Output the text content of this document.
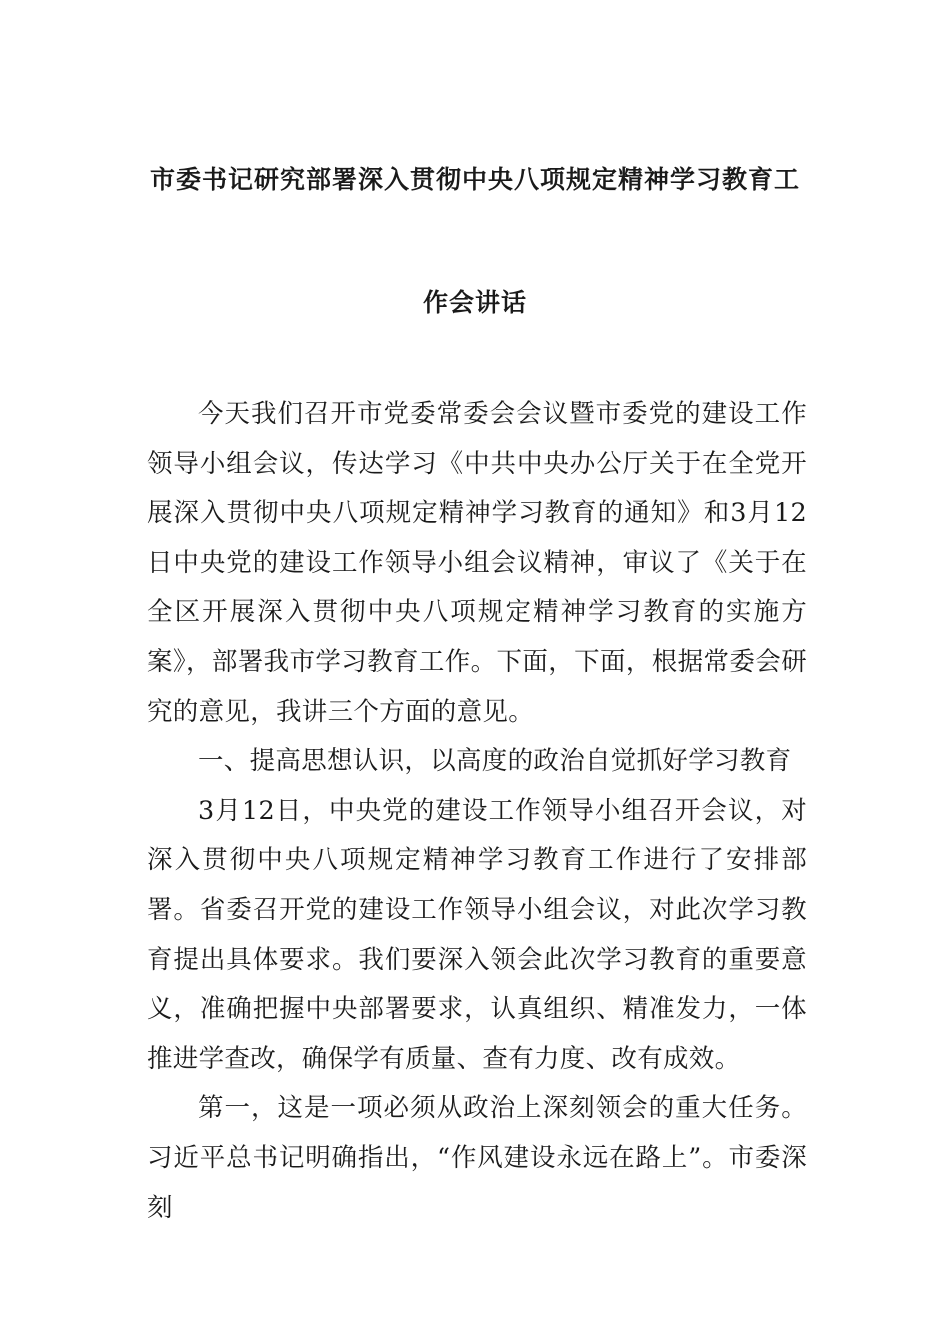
市委书记研究部署深入贯彻中央八项规定精神学习教育工
作会讲话

今天我们召开市党委常委会会议暨市委党的建设工作领导小组会议，传达学习《中共中央办公厅关于在全党开展深入贯彻中央八项规定精神学习教育的通知》和3月12日中央党的建设工作领导小组会议精神，审议了《关于在全区开展深入贯彻中央八项规定精神学习教育的实施方案》，部署我市学习教育工作。下面，下面，根据常委会研究的意见，我讲三个方面的意见。

一、提高思想认识，以高度的政治自觉抓好学习教育

3月12日，中央党的建设工作领导小组召开会议，对深入贯彻中央八项规定精神学习教育工作进行了安排部署。省委召开党的建设工作领导小组会议，对此次学习教育提出具体要求。我们要深入领会此次学习教育的重要意义，准确把握中央部署要求，认真组织、精准发力，一体推进学查改，确保学有质量、查有力度、改有成效。

第一，这是一项必须从政治上深刻领会的重大任务。习近平总书记明确指出，“作风建设永远在路上”。市委深刻
